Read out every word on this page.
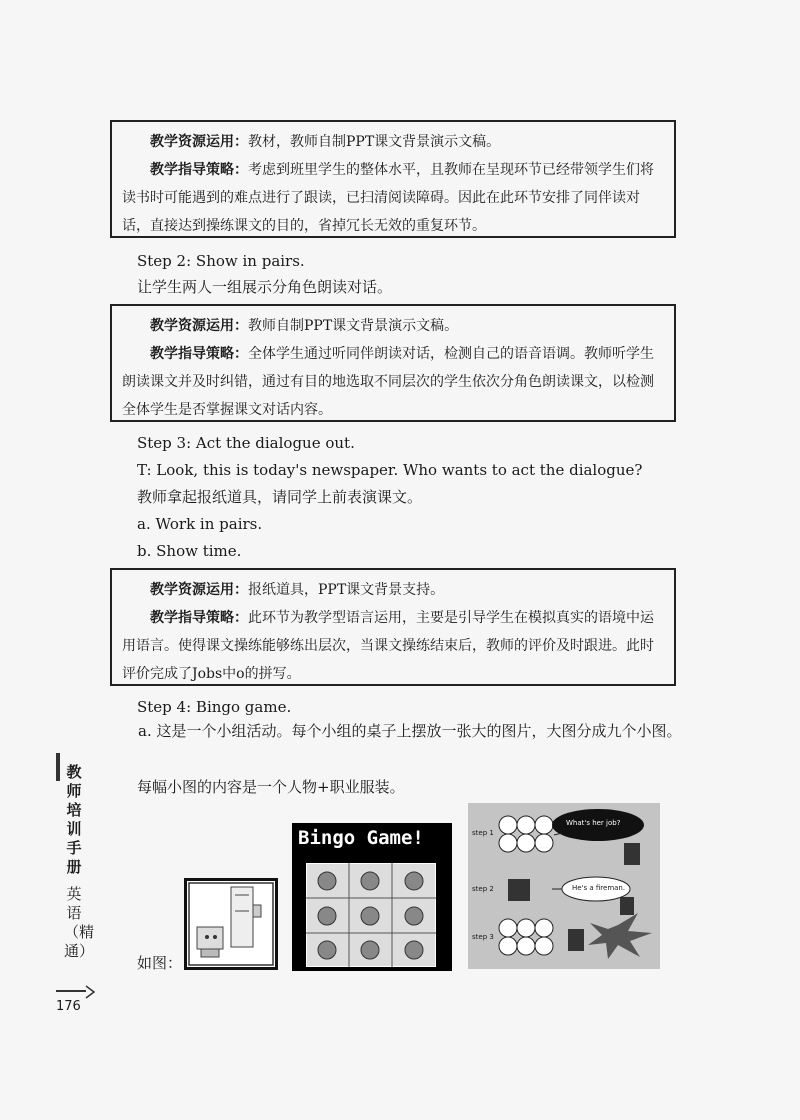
教学资源运用：教材，教师自制PPT课文背景演示文稿。

教学指导策略：考虑到班里学生的整体水平，且教师在呈现环节已经带领学生们将读书时可能遇到的难点进行了跟读，已扫清阅读障碍。因此在此环节安排了同伴读对话，直接达到操练课文的目的，省掉冗长无效的重复环节。

Step 2: Show in pairs.
让学生两人一组展示分角色朗读对话。

教学资源运用：教师自制PPT课文背景演示文稿。

教学指导策略：全体学生通过听同伴朗读对话，检测自己的语音语调。教师听学生朗读课文并及时纠错，通过有目的地选取不同层次的学生依次分角色朗读课文，以检测全体学生是否掌握课文对话内容。

Step 3: Act the dialogue out.
T: Look, this is today's newspaper. Who wants to act the dialogue?
教师拿起报纸道具，请同学上前表演课文。
a. Work in pairs.
b. Show time.

教学资源运用：报纸道具，PPT课文背景支持。

教学指导策略：此环节为教学型语言运用，主要是引导学生在模拟真实的语境中运用语言。使得课文操练能够练出层次，当课文操练结束后，教师的评价及时跟进。此时评价完成了Jobs中o的拼写。

Step 4: Bingo game.
a. 这是一个小组活动。每个小组的桌子上摆放一张大的图片，大图分成九个小图。
每幅小图的内容是一个人物+职业服装。
如图：
Bingo Game!	step 1
step 2
step 3
What's her job?
He's a fireman.
教师培训手册
英语（精通）
176
